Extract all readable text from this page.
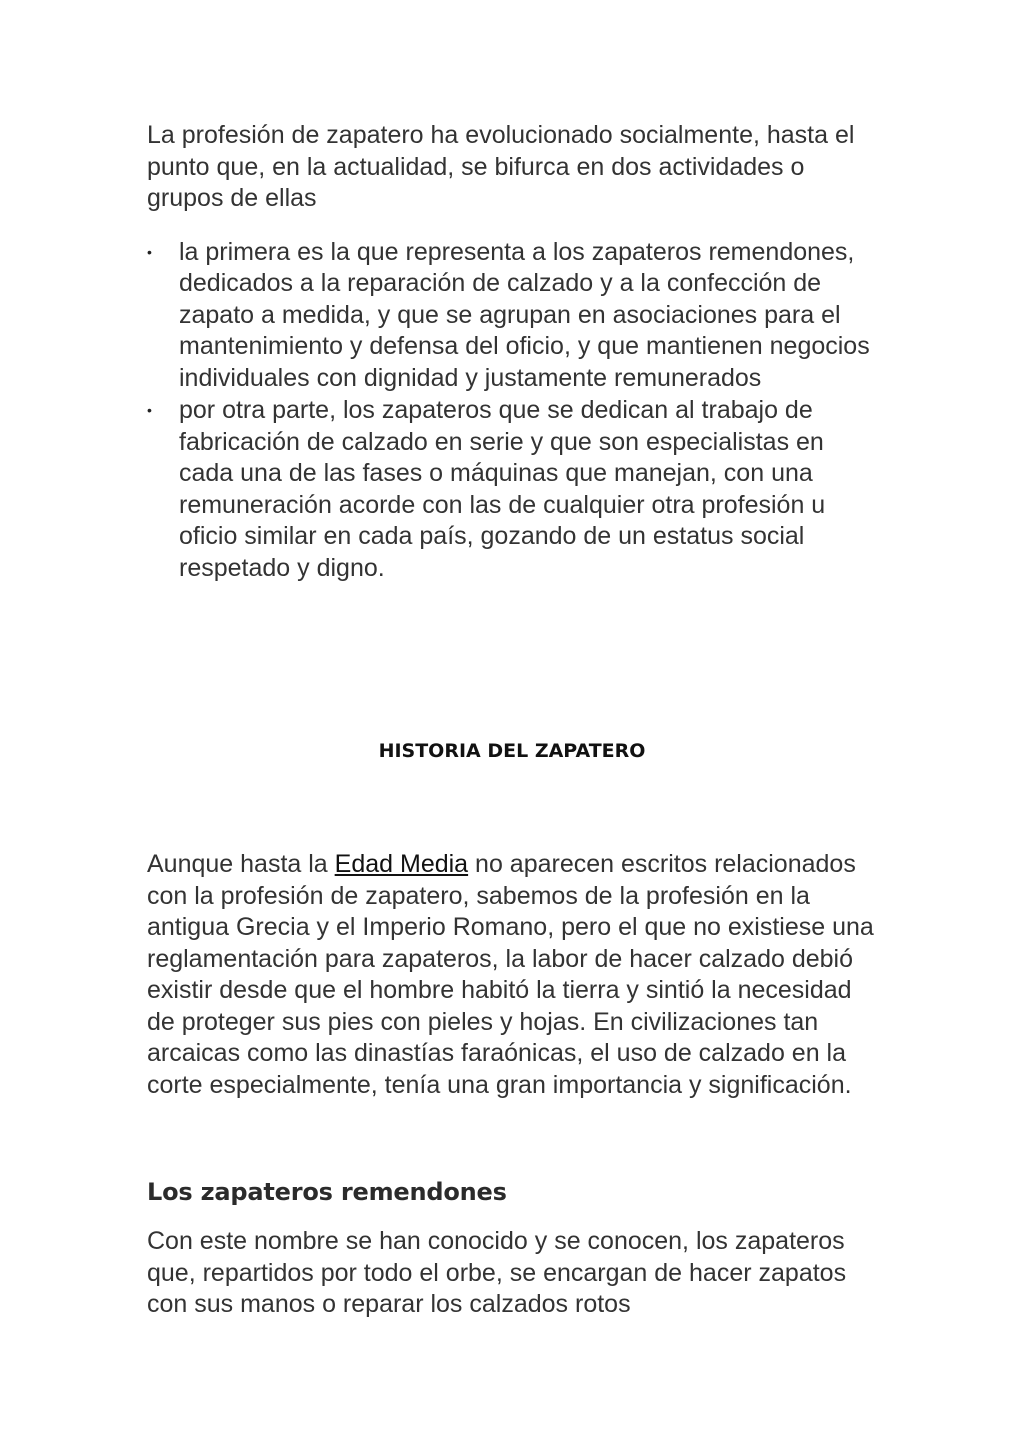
La profesión de zapatero ha evolucionado socialmente, hasta el punto que, en la actualidad, se bifurca en dos actividades o grupos de ellas

• la primera es la que representa a los zapateros remendones, dedicados a la reparación de calzado y a la confección de zapato a medida, y que se agrupan en asociaciones para el mantenimiento y defensa del oficio, y que mantienen negocios individuales con dignidad y justamente remunerados
• por otra parte, los zapateros que se dedican al trabajo de fabricación de calzado en serie y que son especialistas en cada una de las fases o máquinas que manejan, con una remuneración acorde con las de cualquier otra profesión u oficio similar en cada país, gozando de un estatus social respetado y digno.
HISTORIA DEL ZAPATERO

Aunque hasta la Edad Media no aparecen escritos relacionados con la profesión de zapatero, sabemos de la profesión en la antigua Grecia y el Imperio Romano, pero el que no existiese una reglamentación para zapateros, la labor de hacer calzado debió existir desde que el hombre habitó la tierra y sintió la necesidad de proteger sus pies con pieles y hojas. En civilizaciones tan arcaicas como las dinastías faraónicas, el uso de calzado en la corte especialmente, tenía una gran importancia y significación.

Los zapateros remendones

Con este nombre se han conocido y se conocen, los zapateros que, repartidos por todo el orbe, se encargan de hacer zapatos con sus manos o reparar los calzados rotos
